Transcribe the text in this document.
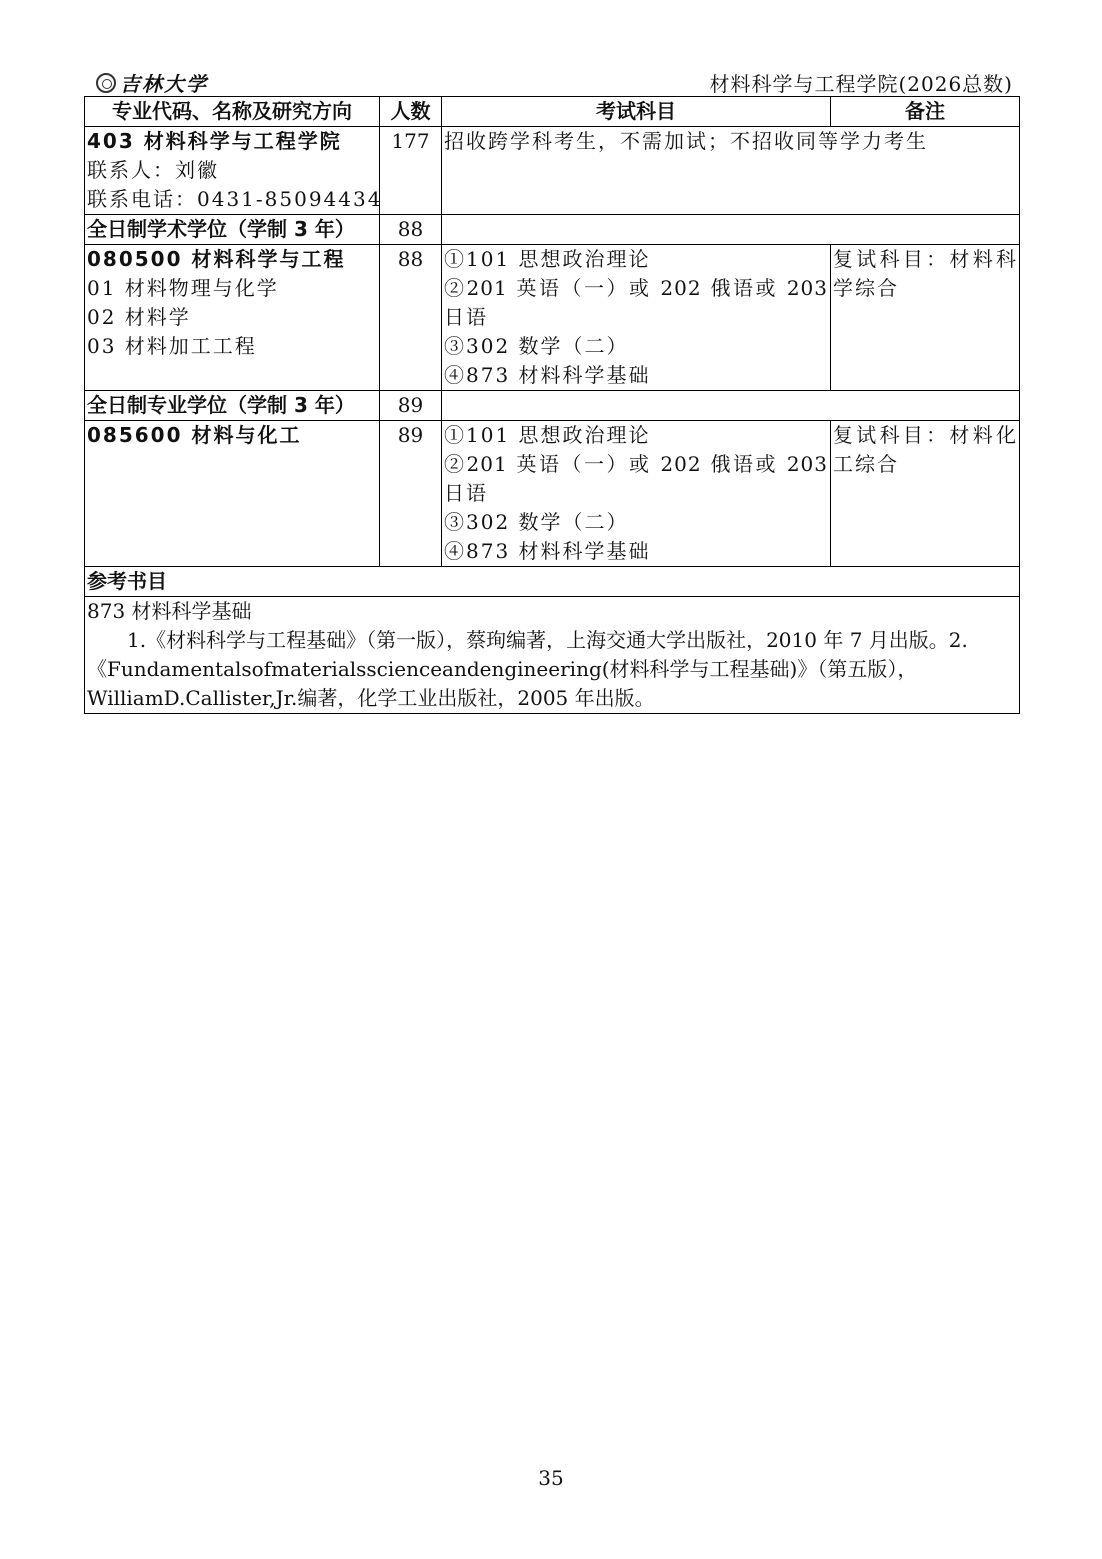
吉林大学	材料科学与工程学院(2026总数)
专业代码、名称及研究方向	人数	考试科目	备注

403 材料科学与工程学院
联系人：刘徽
联系电话：0431-85094434	177	招收跨学科考生，不需加试；不招收同等学力考生	
全日制学术学位（学制 3 年）	88		

080500 材料科学与工程
01 材料物理与化学
02 材料学
03 材料加工工程	88	①101 思想政治理论
②201 英语（一）或 202 俄语或 203
日语
③302 数学（二）
④873 材料科学基础	复试科目：材料科
学综合

全日制专业学位（学制 3 年）	89		

085600 材料与化工	89	①101 思想政治理论
②201 英语（一）或 202 俄语或 203
日语
③302 数学（二）
④873 材料科学基础	复试科目：材料化
工综合

参考书目			

873 材料科学基础
1.《材料科学与工程基础》（第一版），蔡珣编著，上海交通大学出版社，2010 年 7 月出版。2.《Fundamentalsofmaterialsscienceandengineering(材料科学与工程基础)》（第五版），WilliamD.Callister,Jr.编著，化学工业出版社，2005 年出版。			
35
